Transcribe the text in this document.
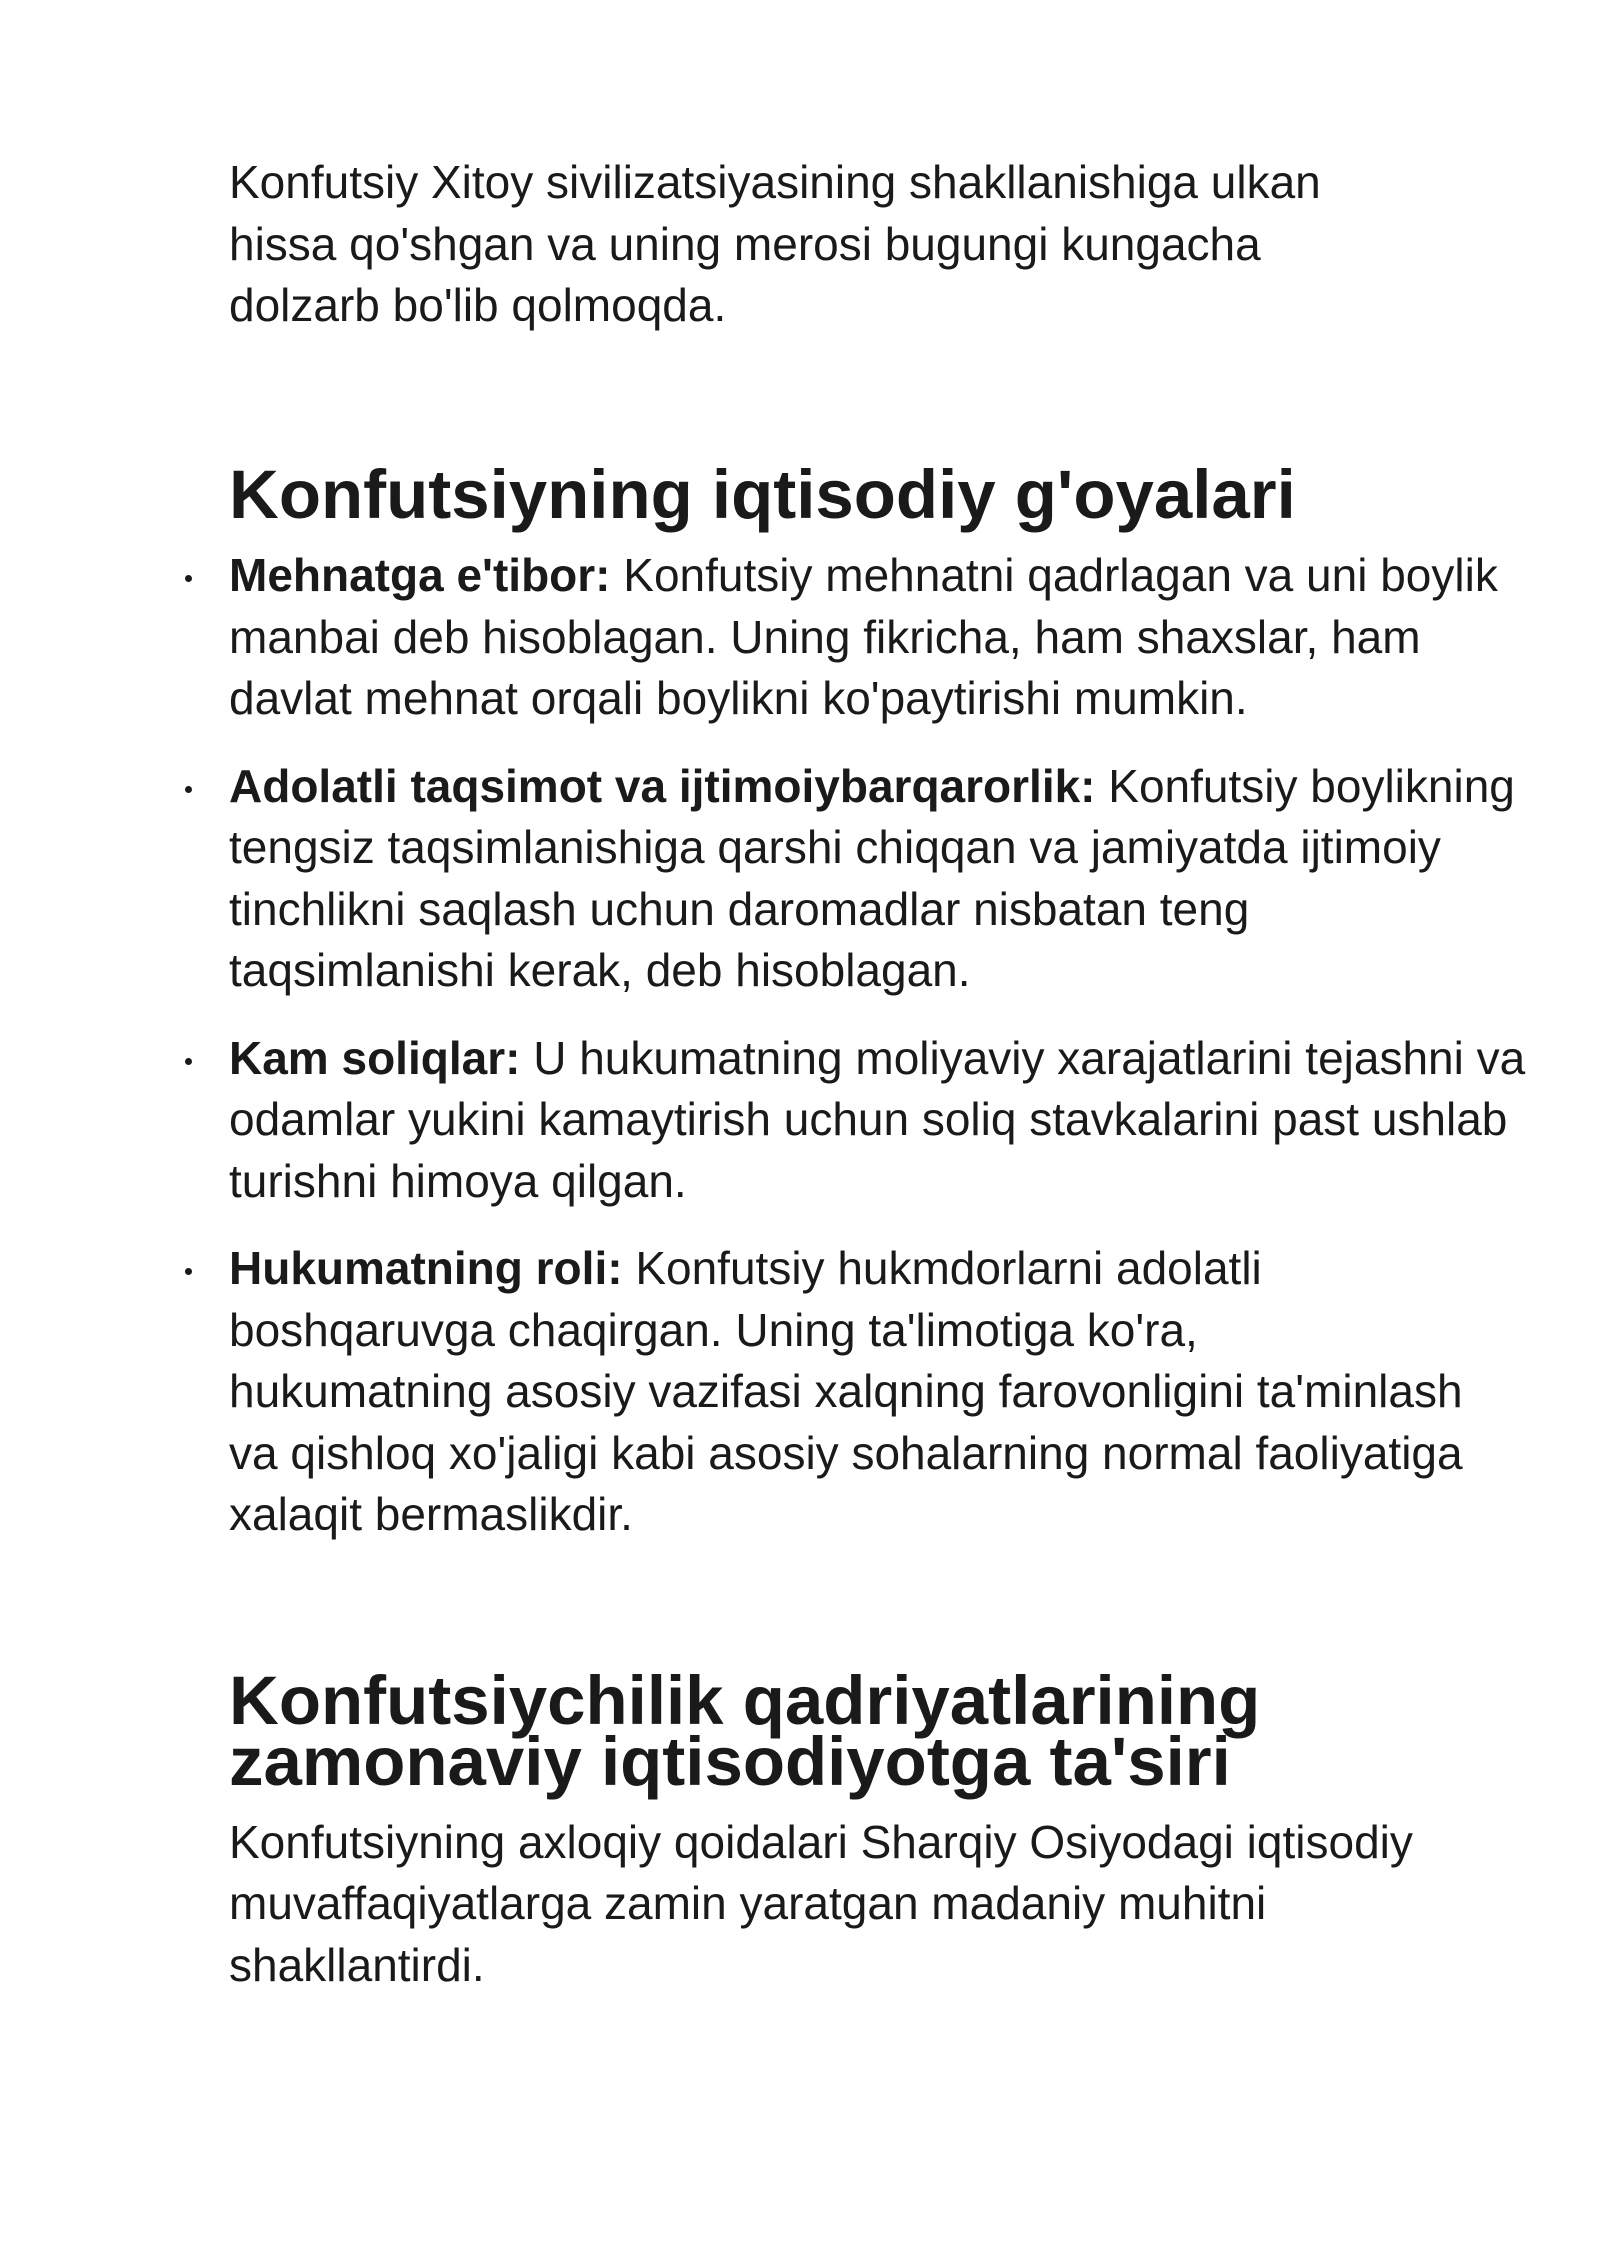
Konfutsiy Xitoy sivilizatsiyasining shakllanishiga ulkan hissa qo'shgan va uning merosi bugungi kungacha dolzarb bo'lib qolmoqda.

Konfutsiyning iqtisodiy g'oyalari
Mehnatga e'tibor: Konfutsiy mehnatni qadrlagan va uni boylik manbai deb hisoblagan. Uning fikricha, ham shaxslar, ham davlat mehnat orqali boylikni ko'paytirishi mumkin.
Adolatli taqsimot va ijtimoiybarqarorlik: Konfutsiy boylikning tengsiz taqsimlanishiga qarshi chiqqan va jamiyatda ijtimoiy tinchlikni saqlash uchun daromadlar nisbatan teng taqsimlanishi kerak, deb hisoblagan.
Kam soliqlar: U hukumatning moliyaviy xarajatlarini tejashni va odamlar yukini kamaytirish uchun soliq stavkalarini past ushlab turishni himoya qilgan.
Hukumatning roli: Konfutsiy hukmdorlarni adolatli boshqaruvga chaqirgan. Uning ta'limotiga ko'ra, hukumatning asosiy vazifasi xalqning farovonligini ta'minlash va qishloq xo'jaligi kabi asosiy sohalarning normal faoliyatiga xalaqit bermaslikdir.
Konfutsiychilik qadriyatlarining zamonaviy iqtisodiyotga ta'siri

Konfutsiyning axloqiy qoidalari Sharqiy Osiyodagi iqtisodiy muvaffaqiyatlarga zamin yaratgan madaniy muhitni shakllantirdi.
